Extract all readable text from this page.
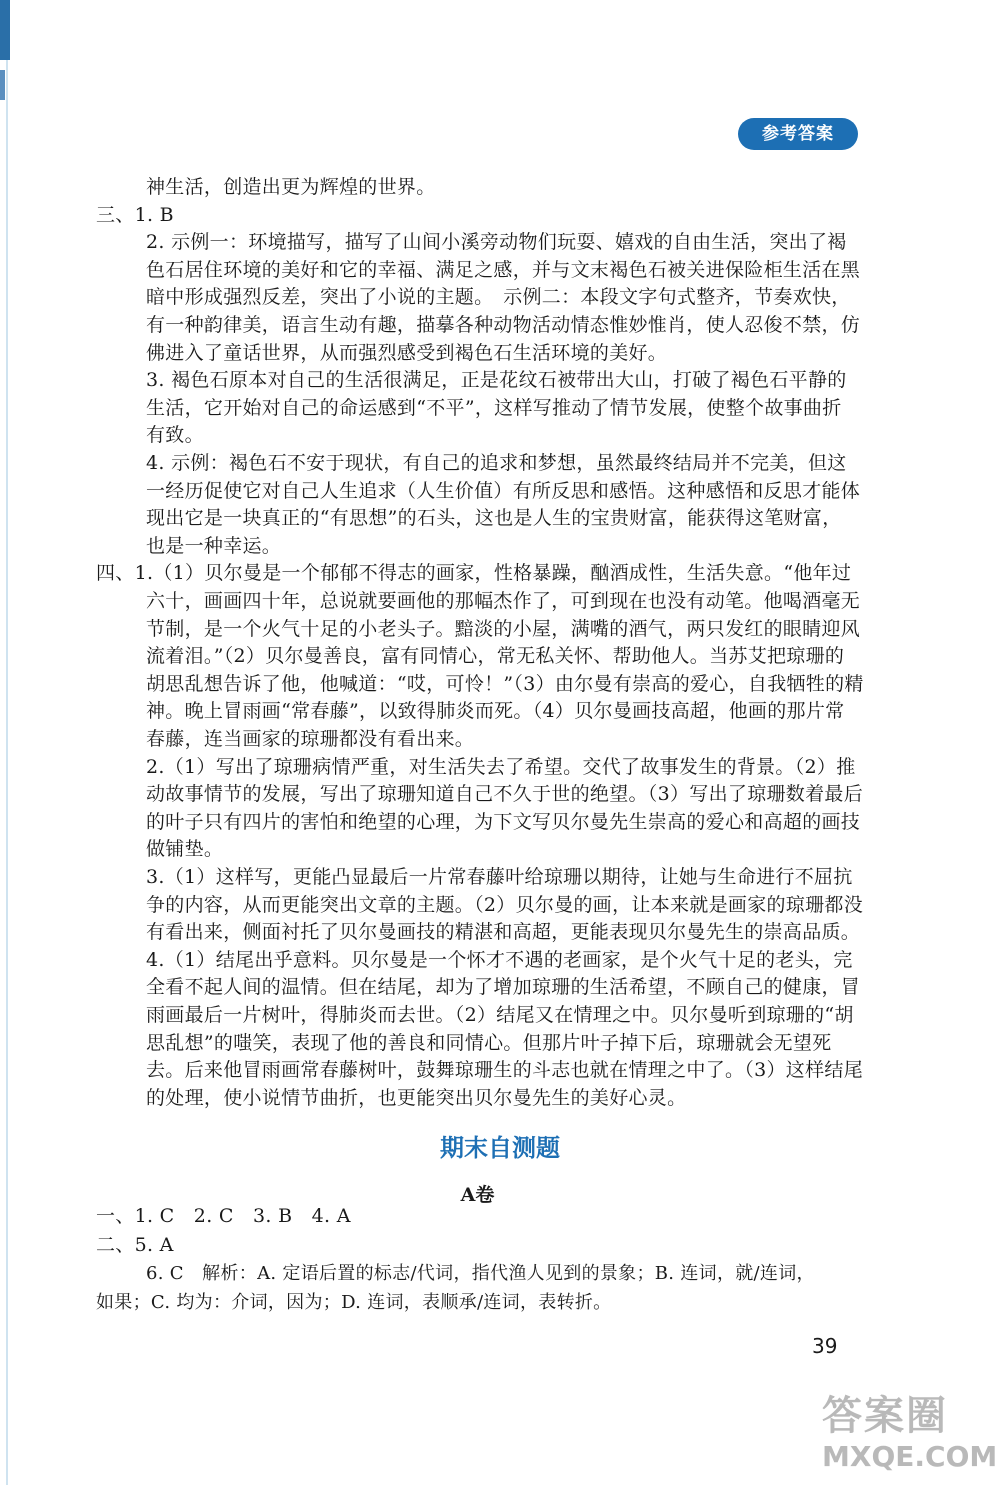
参考答案
神生活，创造出更为辉煌的世界。
三、1. B
2. 示例一：环境描写，描写了山间小溪旁动物们玩耍、嬉戏的自由生活，突出了褐
色石居住环境的美好和它的幸福、满足之感，并与文末褐色石被关进保险柜生活在黑
暗中形成强烈反差，突出了小说的主题。　示例二：本段文字句式整齐，节奏欢快，
有一种韵律美，语言生动有趣，描摹各种动物活动情态惟妙惟肖，使人忍俊不禁，仿
佛进入了童话世界，从而强烈感受到褐色石生活环境的美好。
3. 褐色石原本对自己的生活很满足，正是花纹石被带出大山，打破了褐色石平静的
生活，它开始对自己的命运感到“不平”，这样写推动了情节发展，使整个故事曲折
有致。
4. 示例：褐色石不安于现状，有自己的追求和梦想，虽然最终结局并不完美，但这
一经历促使它对自己人生追求（人生价值）有所反思和感悟。这种感悟和反思才能体
现出它是一块真正的“有思想”的石头，这也是人生的宝贵财富，能获得这笔财富，
也是一种幸运。
四、1.（1）贝尔曼是一个郁郁不得志的画家，性格暴躁，酗酒成性，生活失意。“他年过
六十，画画四十年，总说就要画他的那幅杰作了，可到现在也没有动笔。他喝酒毫无
节制，是一个火气十足的小老头子。黯淡的小屋，满嘴的酒气，两只发红的眼睛迎风
流着泪。”（2）贝尔曼善良，富有同情心，常无私关怀、帮助他人。当苏艾把琼珊的
胡思乱想告诉了他，他喊道：“哎，可怜！”（3）由尔曼有崇高的爱心，自我牺牲的精
神。晚上冒雨画“常春藤”，以致得肺炎而死。（4）贝尔曼画技高超，他画的那片常
春藤，连当画家的琼珊都没有看出来。
2.（1）写出了琼珊病情严重，对生活失去了希望。交代了故事发生的背景。（2）推
动故事情节的发展，写出了琼珊知道自己不久于世的绝望。（3）写出了琼珊数着最后
的叶子只有四片的害怕和绝望的心理，为下文写贝尔曼先生崇高的爱心和高超的画技
做铺垫。
3.（1）这样写，更能凸显最后一片常春藤叶给琼珊以期待，让她与生命进行不屈抗
争的内容，从而更能突出文章的主题。（2）贝尔曼的画，让本来就是画家的琼珊都没
有看出来，侧面衬托了贝尔曼画技的精湛和高超，更能表现贝尔曼先生的崇高品质。
4.（1）结尾出乎意料。贝尔曼是一个怀才不遇的老画家，是个火气十足的老头，完
全看不起人间的温情。但在结尾，却为了增加琼珊的生活希望，不顾自己的健康，冒
雨画最后一片树叶，得肺炎而去世。（2）结尾又在情理之中。贝尔曼听到琼珊的“胡
思乱想”的嗤笑，表现了他的善良和同情心。但那片叶子掉下后，琼珊就会无望死
去。后来他冒雨画常春藤树叶，鼓舞琼珊生的斗志也就在情理之中了。（3）这样结尾
的处理，使小说情节曲折，也更能突出贝尔曼先生的美好心灵。
期末自测题
A卷
一、1. C　2. C　3. B　4. A
二、5. A
6. C　解析：A. 定语后置的标志/代词，指代渔人见到的景象；B. 连词，就/连词，
如果；C. 均为：介词，因为；D. 连词，表顺承/连词，表转折。
39
答案圈
MXQE.COM
